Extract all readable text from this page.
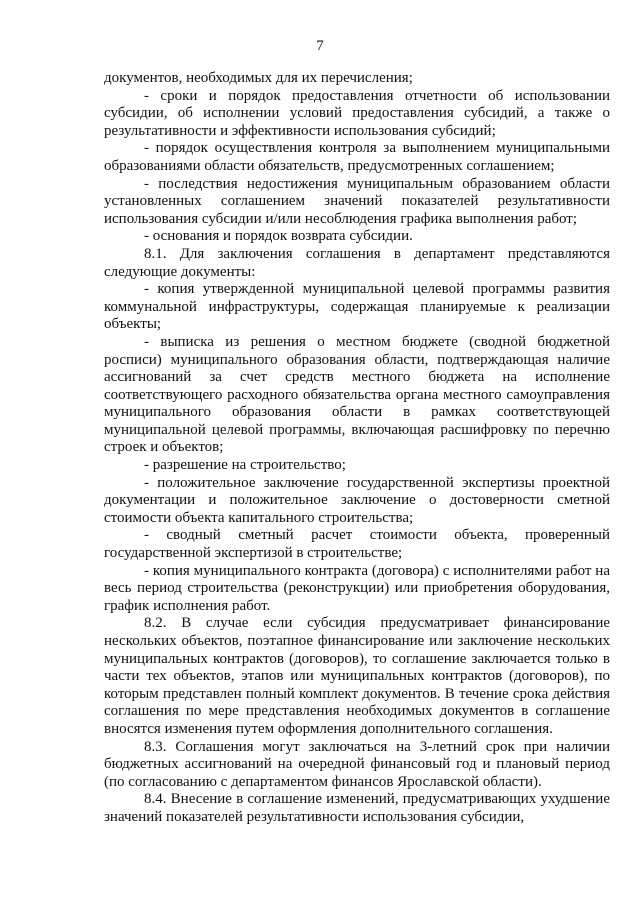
7

документов, необходимых для их перечисления;

- сроки и порядок предоставления отчетности об использовании субсидии, об исполнении условий предоставления субсидий, а также о результативности и эффективности использования субсидий;

- порядок осуществления контроля за выполнением муниципальными образованиями области обязательств, предусмотренных соглашением;

- последствия недостижения муниципальным образованием области установленных соглашением значений показателей результативности использования субсидии и/или несоблюдения графика выполнения работ;

- основания и порядок возврата субсидии.

8.1. Для заключения соглашения в департамент представляются следующие документы:

- копия утвержденной муниципальной целевой программы развития коммунальной инфраструктуры, содержащая планируемые к реализации объекты;

- выписка из решения о местном бюджете (сводной бюджетной росписи) муниципального образования области, подтверждающая наличие ассигнований за счет средств местного бюджета на исполнение соответствующего расходного обязательства органа местного самоуправления муниципального образования области в рамках соответствующей муниципальной целевой программы, включающая расшифровку по перечню строек и объектов;

- разрешение на строительство;

- положительное заключение государственной экспертизы проектной документации и положительное заключение о достоверности сметной стоимости объекта капитального строительства;

- сводный сметный расчет стоимости объекта, проверенный государственной экспертизой в строительстве;

- копия муниципального контракта (договора) с исполнителями работ на весь период строительства (реконструкции) или приобретения оборудования, график исполнения работ.

8.2. В случае если субсидия предусматривает финансирование нескольких объектов, поэтапное финансирование или заключение нескольких муниципальных контрактов (договоров), то соглашение заключается только в части тех объектов, этапов или муниципальных контрактов (договоров), по которым представлен полный комплект документов. В течение срока действия соглашения по мере представления необходимых документов в соглашение вносятся изменения путем оформления дополнительного соглашения.

8.3. Соглашения могут заключаться на 3-летний срок при наличии бюджетных ассигнований на очередной финансовый год и плановый период (по согласованию с департаментом финансов Ярославской области).

8.4. Внесение в соглашение изменений, предусматривающих ухудшение значений показателей результативности использования субсидии,
